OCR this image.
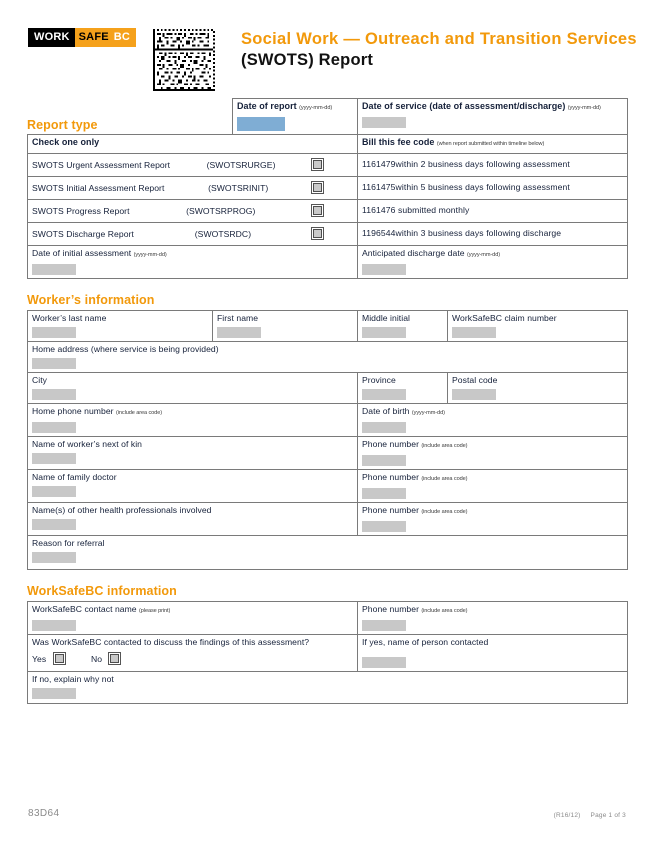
WORK SAFE BC	Social Work — Outreach and Transition Services
(SWOTS) Report
Report type
	Date of report (yyyy-mm-dd)	Date of service (date of assessment/discharge) (yyyy-mm-dd)

Check one only		Bill this fee code (when report submitted within timeline below)

SWOTS Urgent Assessment Report (SWOTSRURGE)		1161479within 2 business days following assessment

SWOTS Initial Assessment Report (SWOTSRINIT)		1161475within 5 business days following assessment

SWOTS Progress Report (SWOTSRPROG)		1161476 submitted monthly

SWOTS Discharge Report (SWOTSRDC)		1196544within 3 business days following discharge
Date of initial assessment (yyyy-mm-dd)		Anticipated discharge date (yyyy-mm-dd)
Worker’s information
Worker’s last name	First name	Middle initial	WorkSafeBC claim number

Home address (where service is being provided)			

City		Province	Postal code

Home phone number (include area code)		Date of birth (yyyy-mm-dd)	

Name of worker’s next of kin		Phone number (include area code)	

Name of family doctor		Phone number (include area code)	

Name(s) of other health professionals involved		Phone number (include area code)	

Reason for referral			
WorkSafeBC information
WorkSafeBC contact name (please print)	Phone number (include area code)

Was WorkSafeBC contacted to discuss the findings of this assessment?
Yes No	If yes, name of person contacted

If no, explain why not	
83D64	(R16/12) Page 1 of 3
